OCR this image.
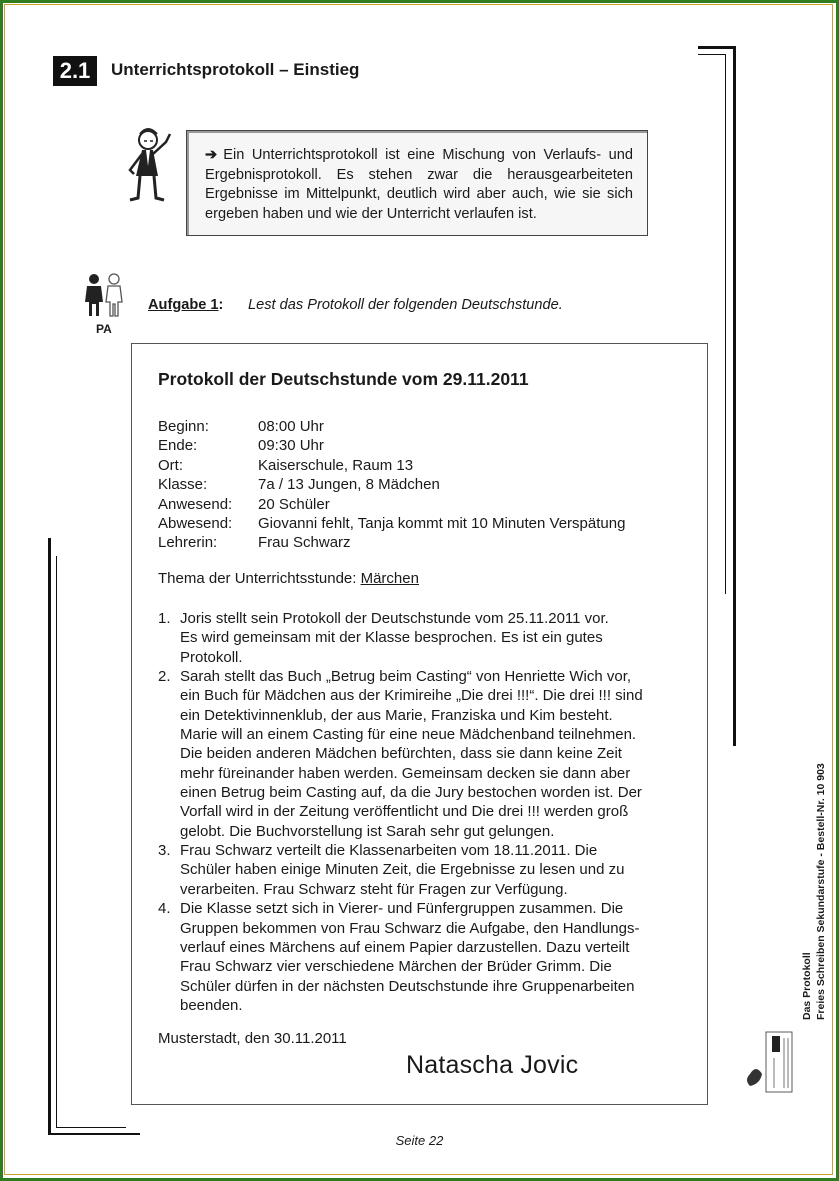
2.1	Unterrichtsprotokoll – Einstieg
➔ Ein Unterrichtsprotokoll ist eine Mischung von Verlaufs- und Ergebnisprotokoll. Es stehen zwar die herausgearbeiteten Ergebnisse im Mittelpunkt, deutlich wird aber auch, wie sie sich ergeben haben und wie der Unterricht verlaufen ist.
PA
Aufgabe 1: Lest das Protokoll der folgenden Deutschstunde.
Protokoll der Deutschstunde vom 29.11.2011
Beginn:	08:00 Uhr
Ende:	09:30 Uhr
Ort:	Kaiserschule, Raum 13
Klasse:	7a / 13 Jungen, 8 Mädchen
Anwesend:	20 Schüler
Abwesend:	Giovanni fehlt, Tanja kommt mit 10 Minuten Verspätung
Lehrerin:	Frau Schwarz
Thema der Unterrichtsstunde: Märchen
1. Joris stellt sein Protokoll der Deutschstunde vom 25.11.2011 vor.
Es wird gemeinsam mit der Klasse besprochen. Es ist ein gutes
Protokoll.
2. Sarah stellt das Buch „Betrug beim Casting“ von Henriette Wich vor,
ein Buch für Mädchen aus der Krimireihe „Die drei !!!“. Die drei !!! sind
ein Detektivinnenklub, der aus Marie, Franziska und Kim besteht.
Marie will an einem Casting für eine neue Mädchenband teilnehmen.
Die beiden anderen Mädchen befürchten, dass sie dann keine Zeit
mehr füreinander haben werden. Gemeinsam decken sie dann aber
einen Betrug beim Casting auf, da die Jury bestochen worden ist. Der
Vorfall wird in der Zeitung veröffentlicht und Die drei !!! werden groß
gelobt. Die Buchvorstellung ist Sarah sehr gut gelungen.
3. Frau Schwarz verteilt die Klassenarbeiten vom 18.11.2011. Die
Schüler haben einige Minuten Zeit, die Ergebnisse zu lesen und zu
verarbeiten. Frau Schwarz steht für Fragen zur Verfügung.
4. Die Klasse setzt sich in Vierer- und Fünfergruppen zusammen. Die
Gruppen bekommen von Frau Schwarz die Aufgabe, den Handlungs-
verlauf eines Märchens auf einem Papier darzustellen. Dazu verteilt
Frau Schwarz vier verschiedene Märchen der Brüder Grimm. Die
Schüler dürfen in der nächsten Deutschstunde ihre Gruppenarbeiten
beenden.
Musterstadt, den 30.11.2011
Natascha Jovic
Das Protokoll Freies Schreiben Sekundarstufe - Bestell-Nr. 10 903
Seite 22
